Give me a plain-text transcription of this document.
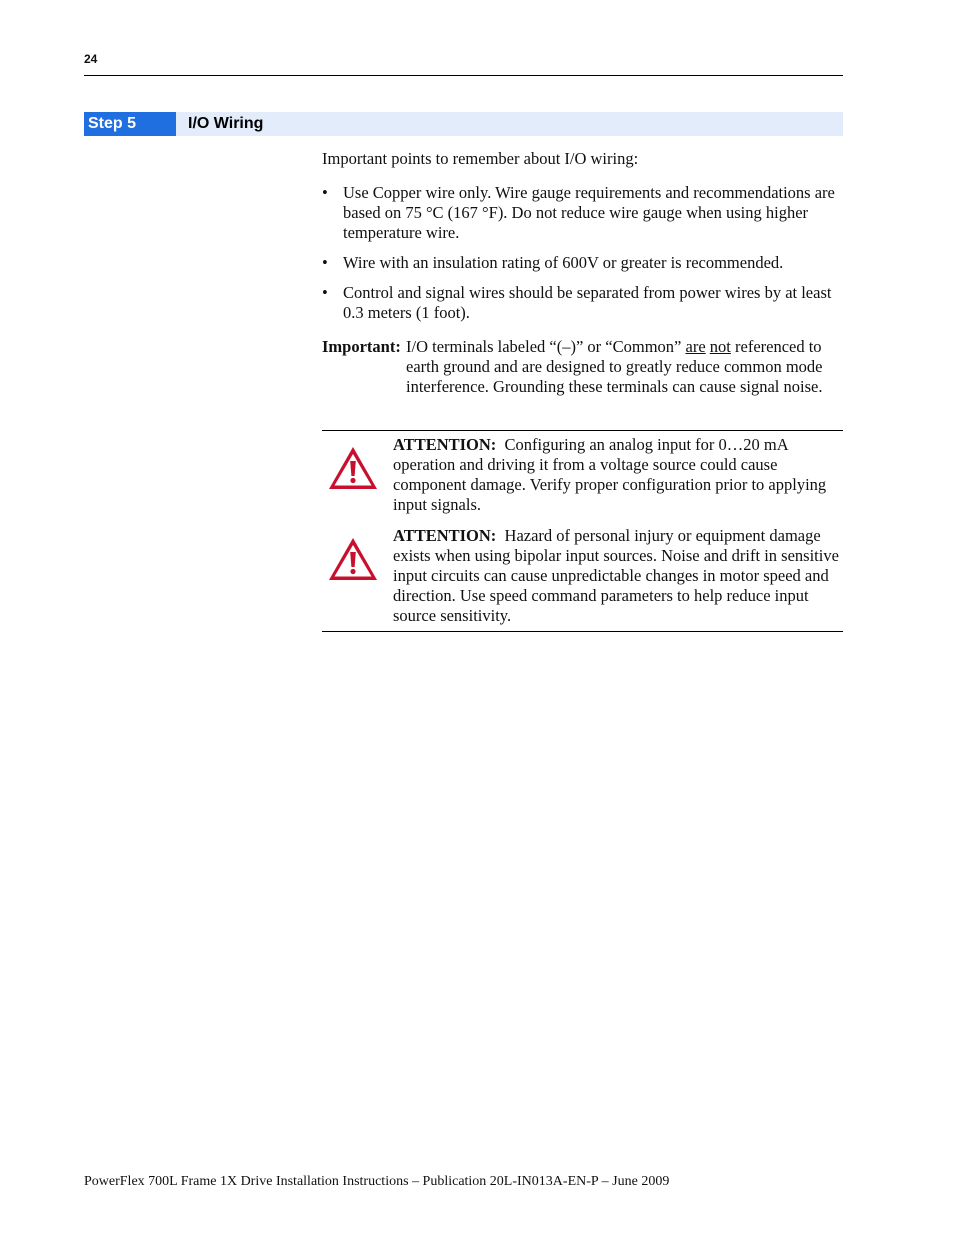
24
Step 5	I/O Wiring
Important points to remember about I/O wiring:
• Use Copper wire only. Wire gauge requirements and recommendations are based on 75 °C (167 °F). Do not reduce wire gauge when using higher temperature wire.
• Wire with an insulation rating of 600V or greater is recommended.
• Control and signal wires should be separated from power wires by at least 0.3 meters (1 foot).
Important: I/O terminals labeled “(–)” or “Common” are not referenced to earth ground and are designed to greatly reduce common mode interference. Grounding these terminals can cause signal noise.
ATTENTION: Configuring an analog input for 0…20 mA operation and driving it from a voltage source could cause component damage. Verify proper configuration prior to applying input signals.
ATTENTION: Hazard of personal injury or equipment damage exists when using bipolar input sources. Noise and drift in sensitive input circuits can cause unpredictable changes in motor speed and direction. Use speed command parameters to help reduce input source sensitivity.
PowerFlex 700L Frame 1X Drive Installation Instructions – Publication 20L-IN013A-EN-P – June 2009
